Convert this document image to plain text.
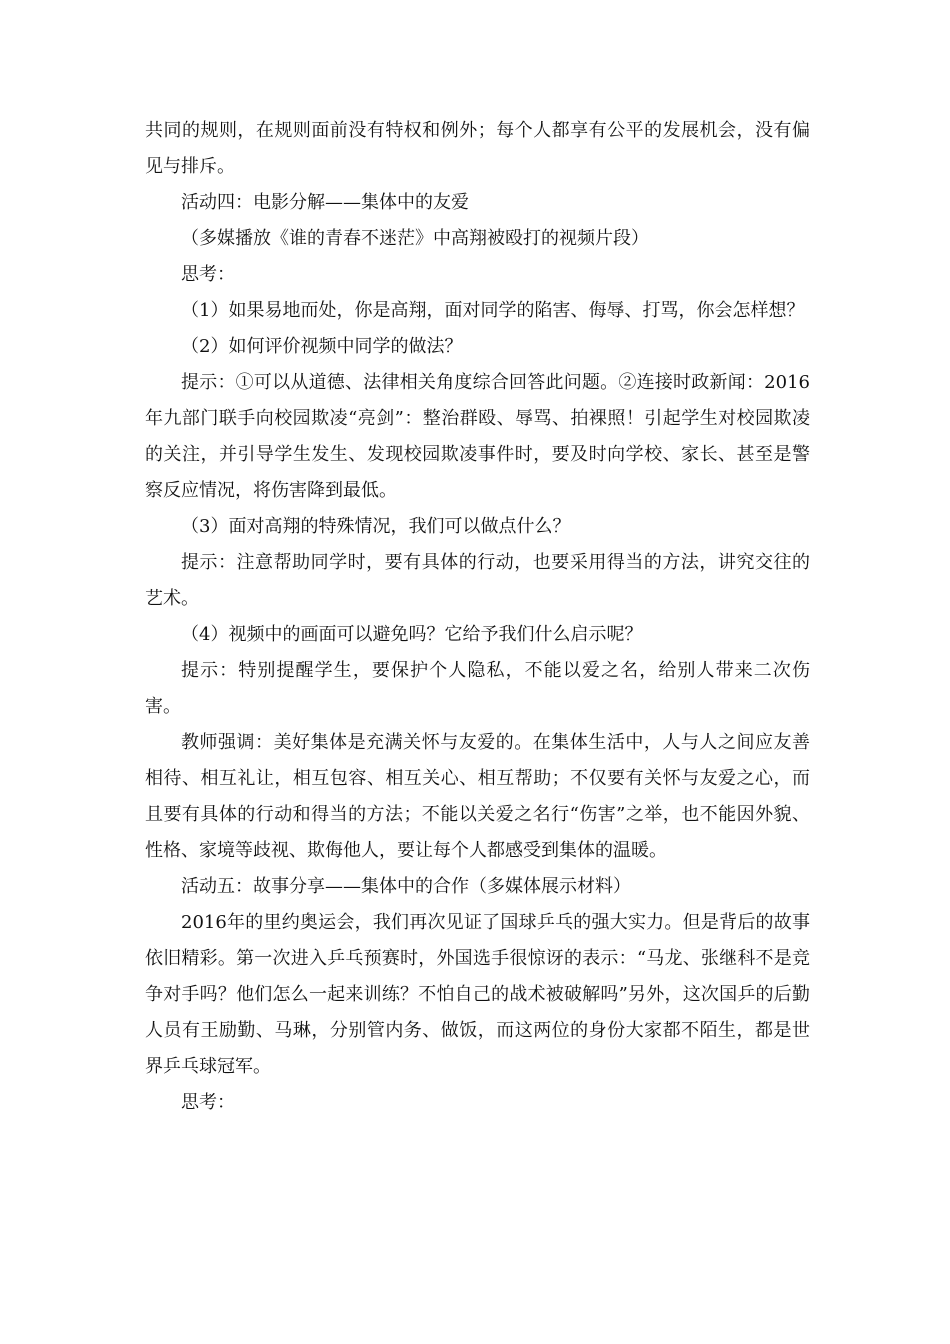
共同的规则，在规则面前没有特权和例外；每个人都享有公平的发展机会，没有偏见与排斥。

活动四：电影分解——集体中的友爱

（多媒播放《谁的青春不迷茫》中高翔被殴打的视频片段）

思考：

（1）如果易地而处，你是高翔，面对同学的陷害、侮辱、打骂，你会怎样想？

（2）如何评价视频中同学的做法？

提示：①可以从道德、法律相关角度综合回答此问题。②连接时政新闻：2016年九部门联手向校园欺凌“亮剑”：整治群殴、辱骂、拍裸照！引起学生对校园欺凌的关注，并引导学生发生、发现校园欺凌事件时，要及时向学校、家长、甚至是警察反应情况，将伤害降到最低。

（3）面对高翔的特殊情况，我们可以做点什么？

提示：注意帮助同学时，要有具体的行动，也要采用得当的方法，讲究交往的艺术。

（4）视频中的画面可以避免吗？它给予我们什么启示呢？

提示：特别提醒学生，要保护个人隐私，不能以爱之名，给别人带来二次伤害。

教师强调：美好集体是充满关怀与友爱的。在集体生活中，人与人之间应友善相待、相互礼让，相互包容、相互关心、相互帮助；不仅要有关怀与友爱之心，而且要有具体的行动和得当的方法；不能以关爱之名行“伤害”之举，也不能因外貌、性格、家境等歧视、欺侮他人，要让每个人都感受到集体的温暖。

活动五：故事分享——集体中的合作（多媒体展示材料）

2016年的里约奥运会，我们再次见证了国球乒乓的强大实力。但是背后的故事依旧精彩。第一次进入乒乓预赛时，外国选手很惊讶的表示：“马龙、张继科不是竞争对手吗？他们怎么一起来训练？不怕自己的战术被破解吗”另外，这次国乒的后勤人员有王励勤、马琳，分别管内务、做饭，而这两位的身份大家都不陌生，都是世界乒乓球冠军。

思考：
